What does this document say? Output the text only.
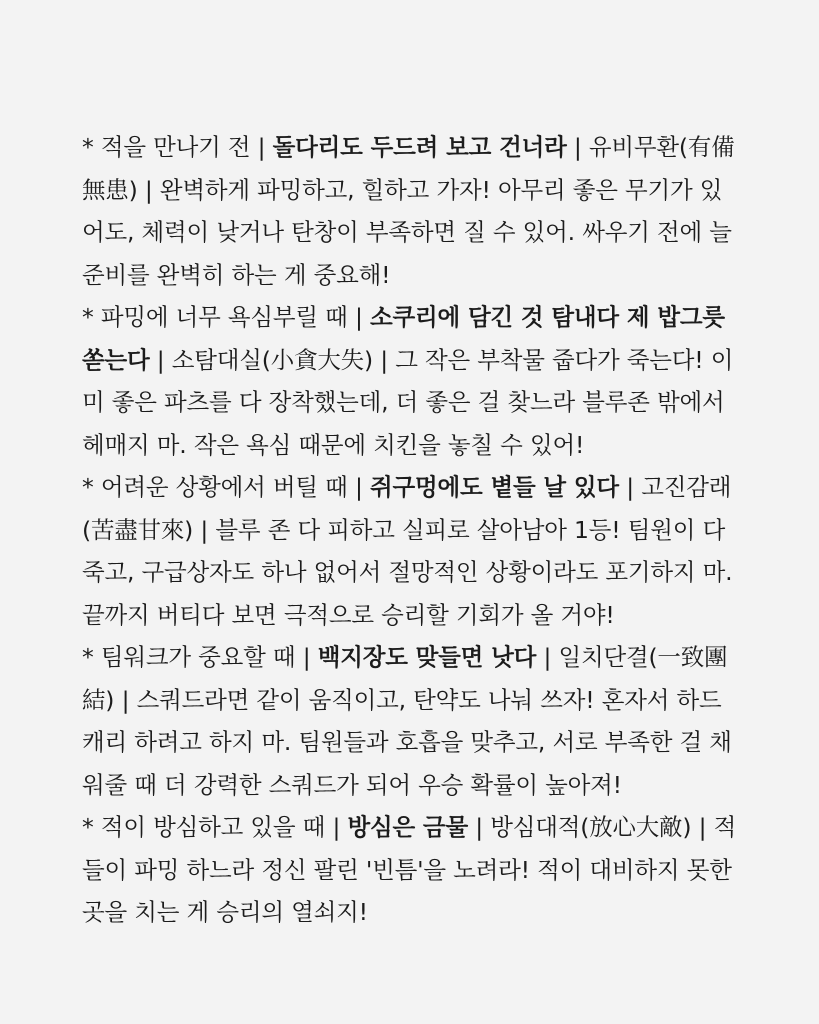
* 적을 만나기 전 | 돌다리도 두드려 보고 건너라 | 유비무환(有備無患) | 완벽하게 파밍하고, 힐하고 가자! 아무리 좋은 무기가 있어도, 체력이 낮거나 탄창이 부족하면 질 수 있어. 싸우기 전에 늘 준비를 완벽히 하는 게 중요해!

* 파밍에 너무 욕심부릴 때 | 소쿠리에 담긴 것 탐내다 제 밥그릇 쏟는다 | 소탐대실(小貪大失) | 그 작은 부착물 줍다가 죽는다! 이미 좋은 파츠를 다 장착했는데, 더 좋은 걸 찾느라 블루존 밖에서 헤매지 마. 작은 욕심 때문에 치킨을 놓칠 수 있어!

* 어려운 상황에서 버틸 때 | 쥐구멍에도 볕들 날 있다 | 고진감래(苦盡甘來) | 블루 존 다 피하고 실피로 살아남아 1등! 팀원이 다 죽고, 구급상자도 하나 없어서 절망적인 상황이라도 포기하지 마. 끝까지 버티다 보면 극적으로 승리할 기회가 올 거야!

* 팀워크가 중요할 때 | 백지장도 맞들면 낫다 | 일치단결(一致團結) | 스쿼드라면 같이 움직이고, 탄약도 나눠 쓰자! 혼자서 하드 캐리 하려고 하지 마. 팀원들과 호흡을 맞추고, 서로 부족한 걸 채워줄 때 더 강력한 스쿼드가 되어 우승 확률이 높아져!

* 적이 방심하고 있을 때 | 방심은 금물 | 방심대적(放心大敵) | 적들이 파밍 하느라 정신 팔린 '빈틈'을 노려라! 적이 대비하지 못한 곳을 치는 게 승리의 열쇠지!
